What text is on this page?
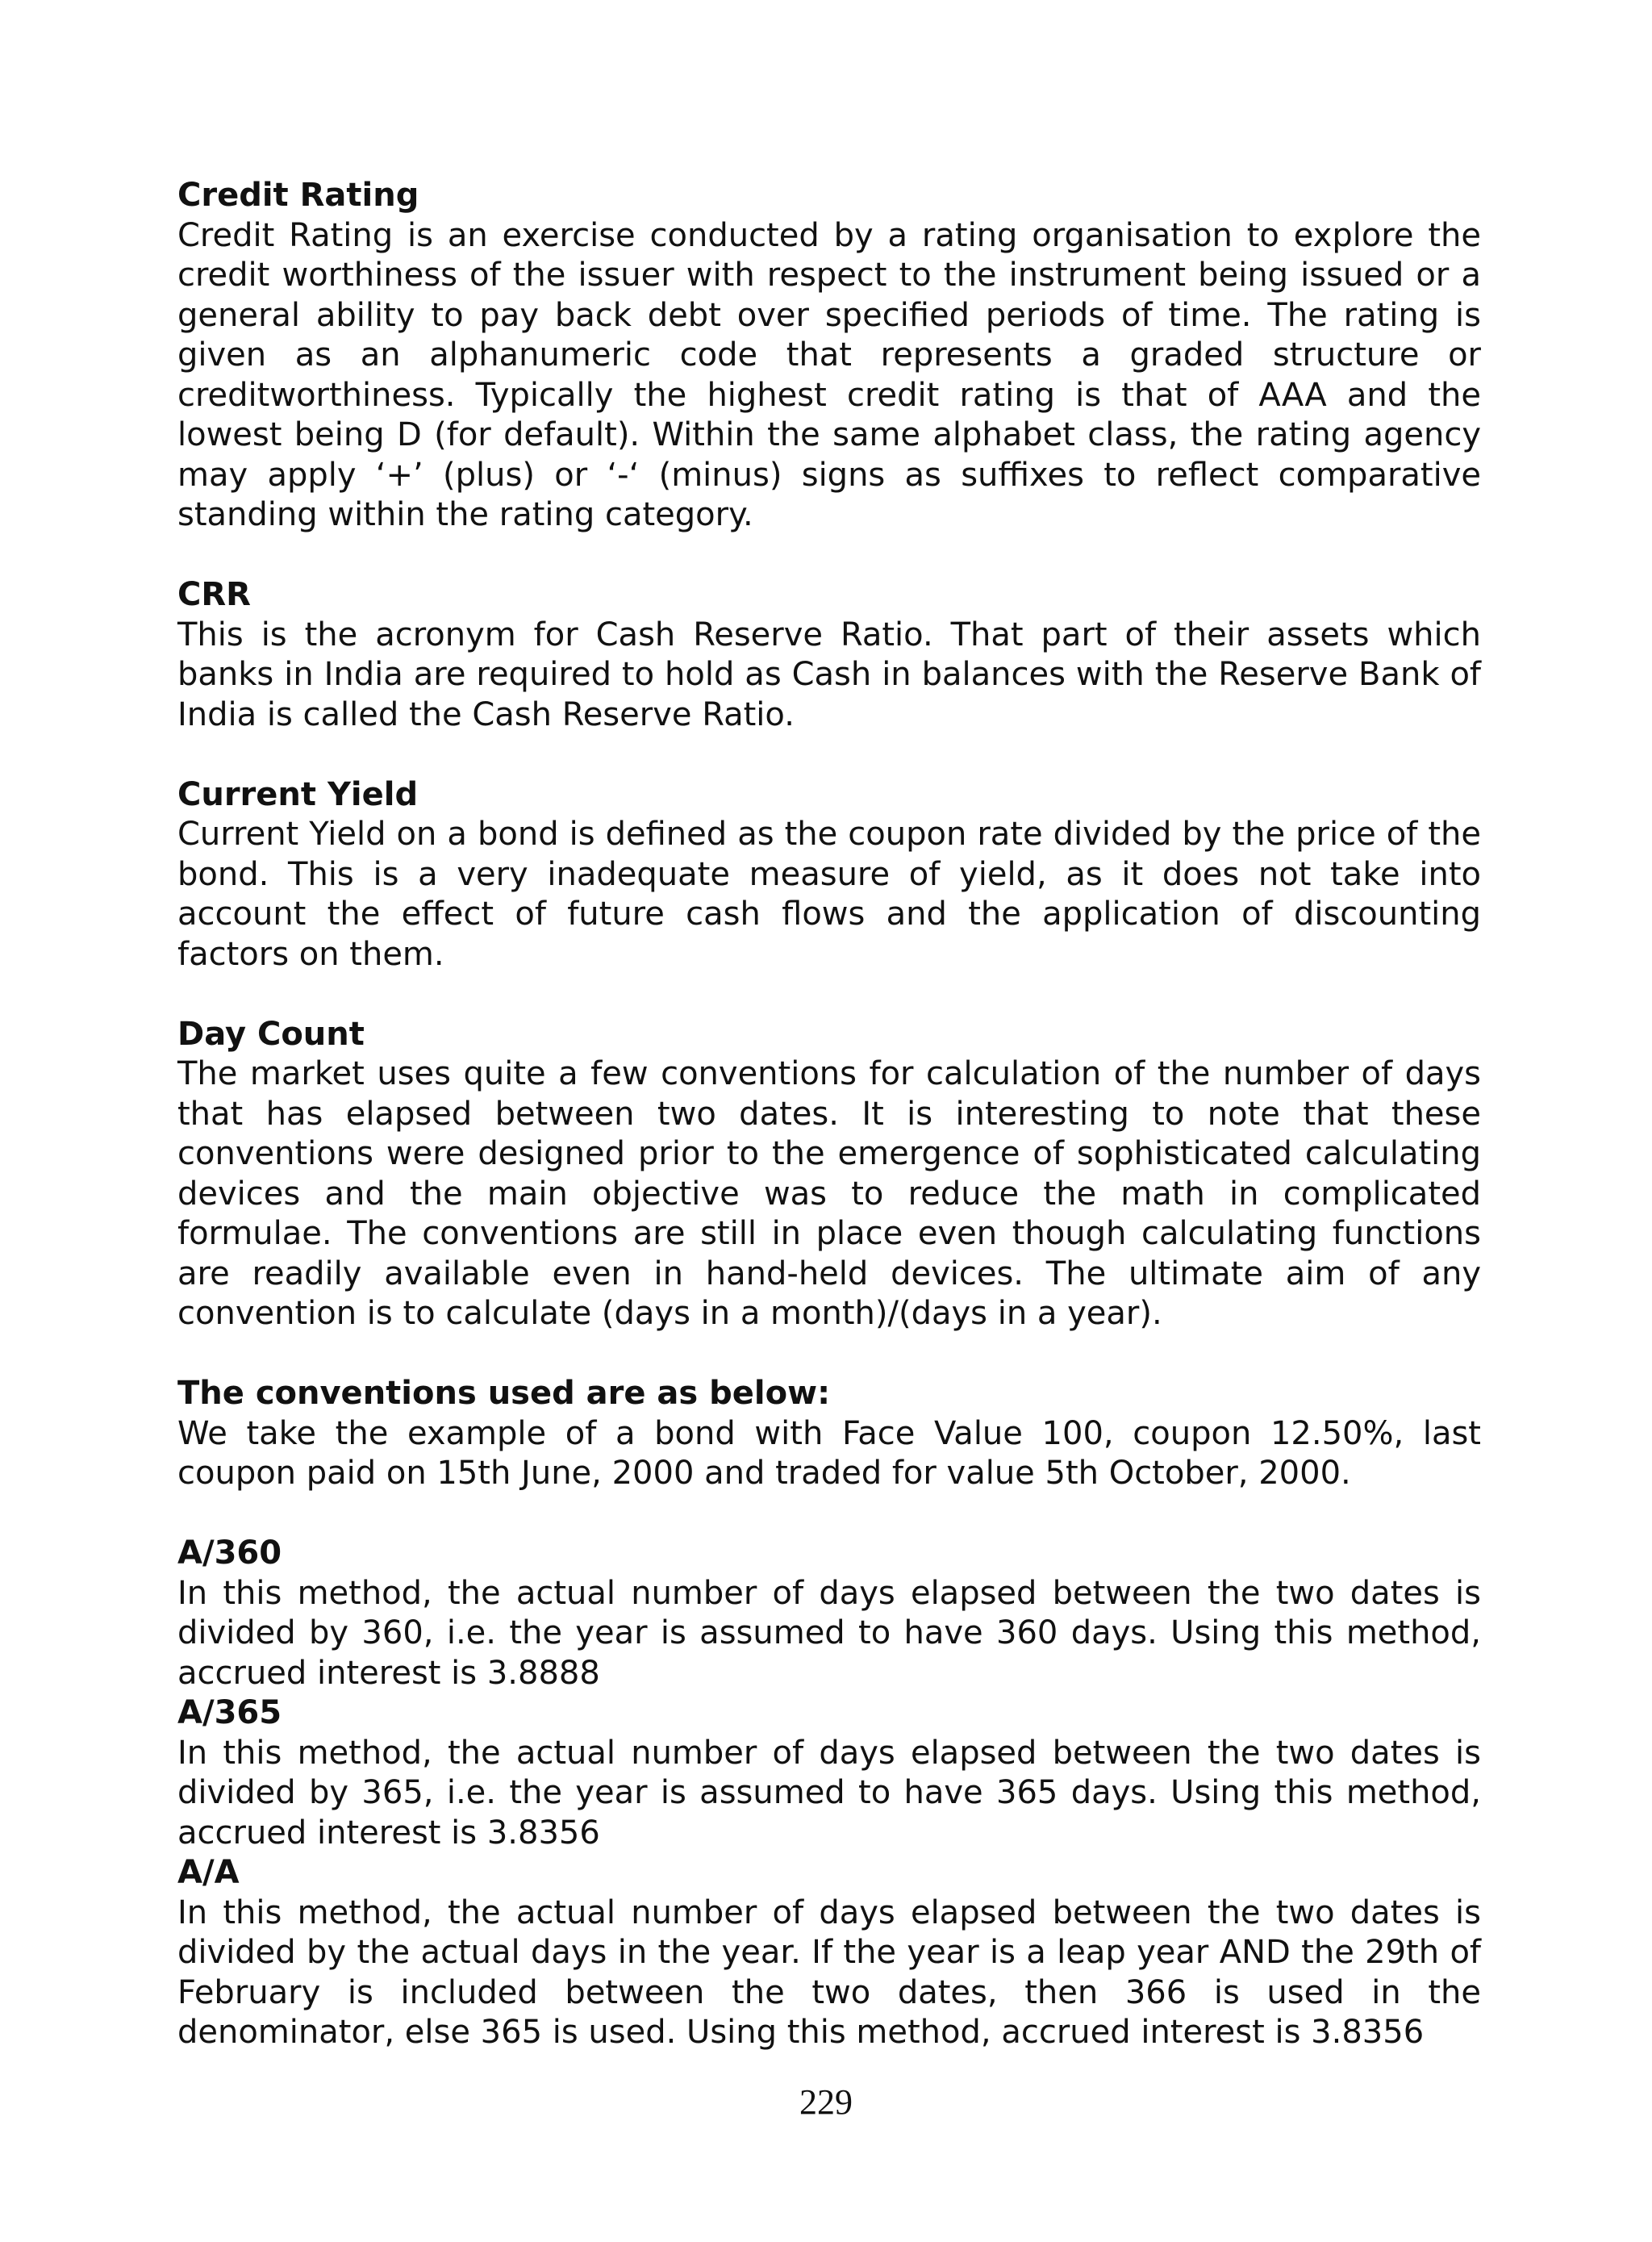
Credit Rating

Credit Rating is an exercise conducted by a rating organisation to explore the credit worthiness of the issuer with respect to the instrument being issued or a general ability to pay back debt over specified periods of time. The rating is given as an alphanumeric code that represents a graded structure or creditworthiness. Typically the highest credit rating is that of AAA and the lowest being D (for default). Within the same alphabet class, the rating agency may apply ‘+’ (plus) or ‘-‘ (minus) signs as suffixes to reflect comparative standing within the rating category.

CRR

This is the acronym for Cash Reserve Ratio. That part of their assets which banks in India are required to hold as Cash in balances with the Reserve Bank of India is called the Cash Reserve Ratio.

Current Yield

Current Yield on a bond is defined as the coupon rate divided by the price of the bond. This is a very inadequate measure of yield, as it does not take into account the effect of future cash flows and the application of discounting factors on them.

Day Count

The market uses quite a few conventions for calculation of the number of days that has elapsed between two dates. It is interesting to note that these conventions were designed prior to the emergence of sophisticated calculating devices and the main objective was to reduce the math in complicated formulae. The conventions are still in place even though calculating functions are readily available even in hand-held devices. The ultimate aim of any convention is to calculate (days in a month)/(days in a year).

The conventions used are as below:

We take the example of a bond with Face Value 100, coupon 12.50%, last coupon paid on 15th June, 2000 and traded for value 5th October, 2000.

A/360

In this method, the actual number of days elapsed between the two dates is divided by 360, i.e. the year is assumed to have 360 days. Using this method, accrued interest is 3.8888

A/365

In this method, the actual number of days elapsed between the two dates is divided by 365, i.e. the year is assumed to have 365 days. Using this method, accrued interest is 3.8356

A/A

In this method, the actual number of days elapsed between the two dates is divided by the actual days in the year. If the year is a leap year AND the 29th of February is included between the two dates, then 366 is used in the denominator, else 365 is used. Using this method, accrued interest is 3.8356

229
